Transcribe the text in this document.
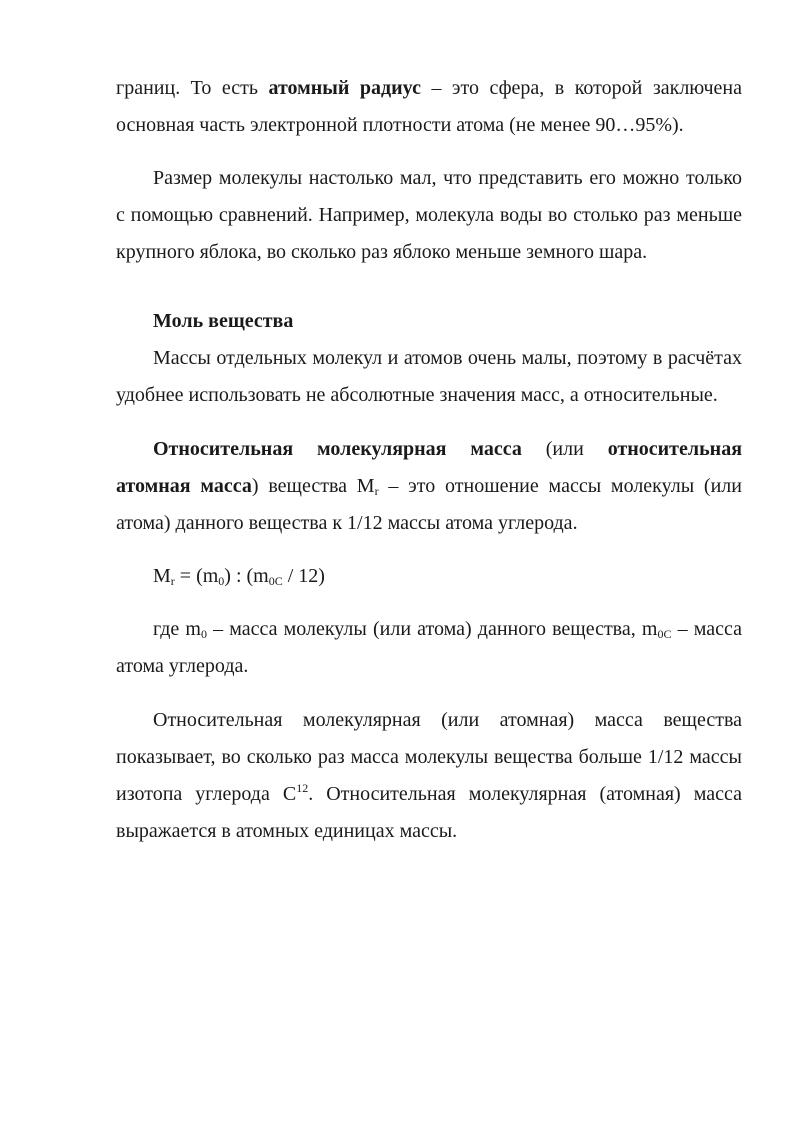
границ. То есть атомный радиус – это сфера, в которой заключена основная часть электронной плотности атома (не менее 90…95%).

Размер молекулы настолько мал, что представить его можно только с помощью сравнений. Например, молекула воды во столько раз меньше крупного яблока, во сколько раз яблоко меньше земного шара.

Моль вещества

Массы отдельных молекул и атомов очень малы, поэтому в расчётах удобнее использовать не абсолютные значения масс, а относительные.

Относительная молекулярная масса (или относительная атомная масса) вещества $M_r$ – это отношение массы молекулы (или атома) данного вещества к 1/12 массы атома углерода.

$M_r = (m_0)$ : $(m_{0C} / 12)$

где $m_0$ – масса молекулы (или атома) данного вещества, $m_{0C}$ – масса атома углерода.

Относительная молекулярная (или атомная) масса вещества показывает, во сколько раз масса молекулы вещества больше 1/12 массы изотопа углерода $C^{12}$. Относительная молекулярная (атомная) масса выражается в атомных единицах массы.
